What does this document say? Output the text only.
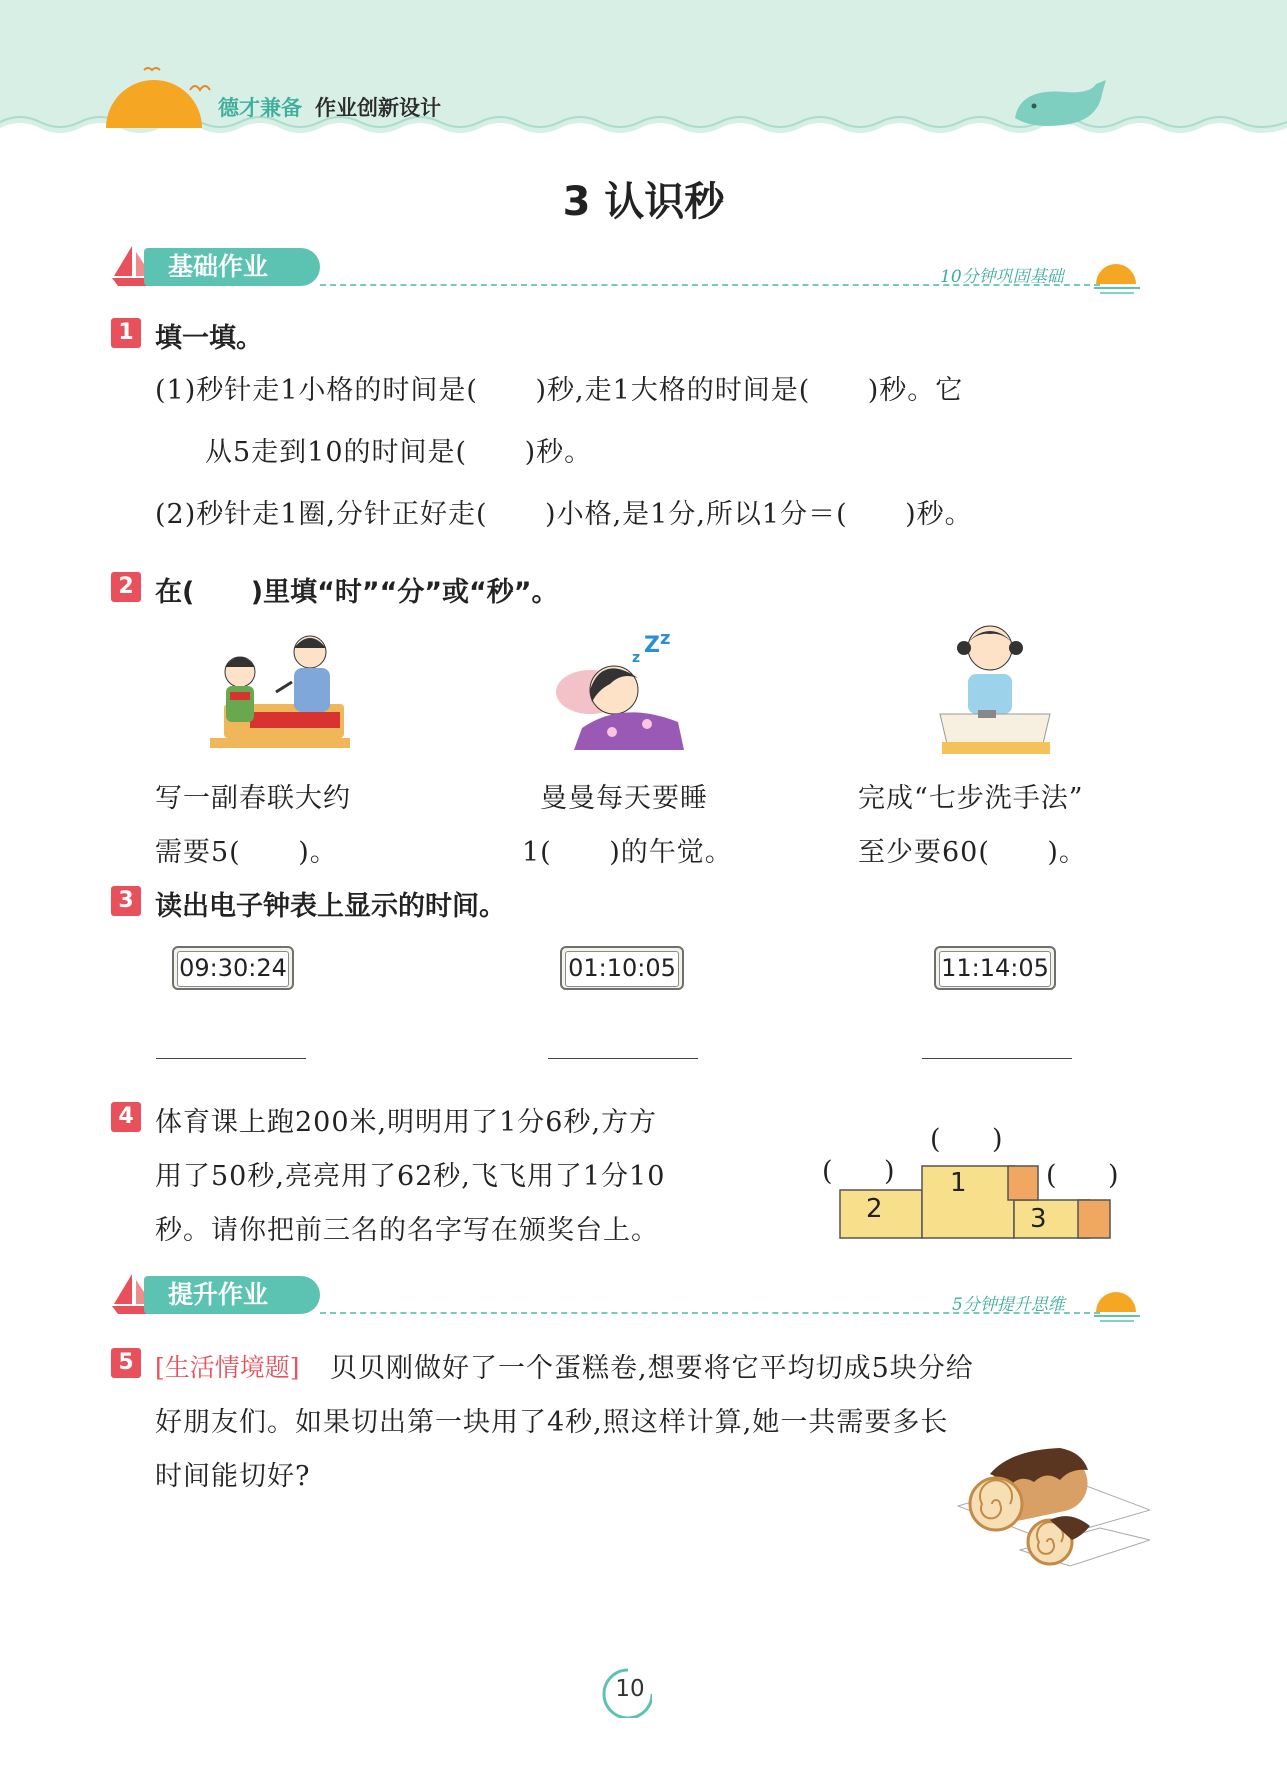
德才兼备 作业创新设计
3 认识秒
基础作业	10分钟巩固基础
1 填一填。
(1)秒针走1小格的时间是(      )秒,走1大格的时间是(      )秒。它
从5走到10的时间是(      )秒。
(2)秒针走1圈,分针正好走(      )小格,是1分,所以1分＝(      )秒。
2 在(      )里填“时”“分”或“秒”。
Z z
z
写一副春联大约
需要5(      )。
曼曼每天要睡
1(      )的午觉。
完成“七步洗手法”
至少要60(      )。
3 读出电子钟表上显示的时间。
09:30:24	01:10:05	11:14:05
4 体育课上跑200米,明明用了1分6秒,方方
用了50秒,亮亮用了62秒,飞飞用了1分10
秒。请你把前三名的名字写在颁奖台上。
1
2	3
(      )
(      )	(      )
提升作业	5分钟提升思维
5 [生活情境题] 贝贝刚做好了一个蛋糕卷,想要将它平均切成5块分给
好朋友们。如果切出第一块用了4秒,照这样计算,她一共需要多长
时间能切好?
10
